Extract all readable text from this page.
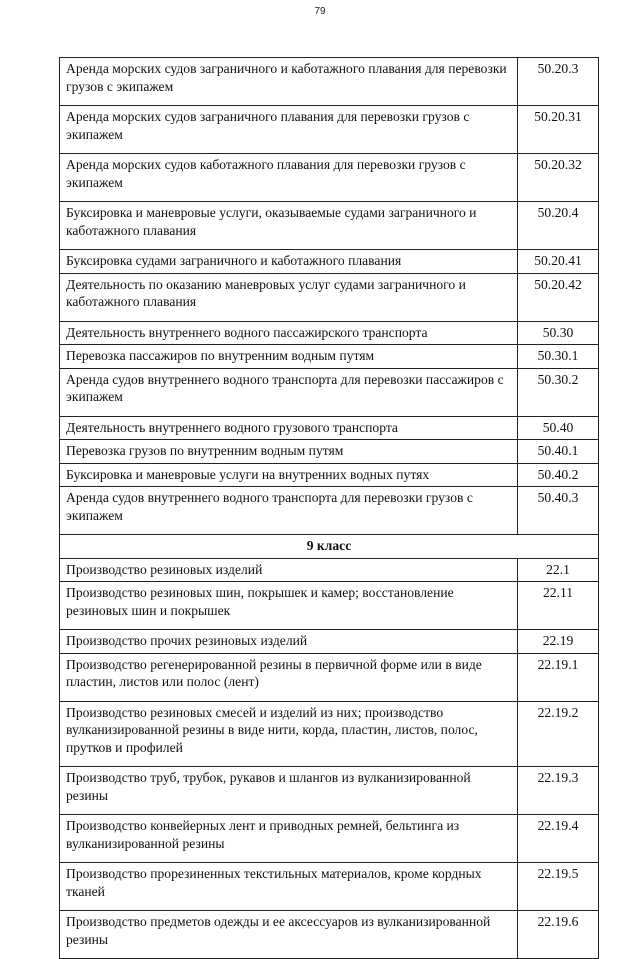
79
Аренда морских судов заграничного и каботажного плавания для перевозки грузов с экипажем	50.20.3
Аренда морских судов заграничного плавания для перевозки грузов с экипажем	50.20.31
Аренда морских судов каботажного плавания для перевозки грузов с экипажем	50.20.32
Буксировка и маневровые услуги, оказываемые судами заграничного и каботажного плавания	50.20.4
Буксировка судами заграничного и каботажного плавания	50.20.41
Деятельность по оказанию маневровых услуг судами заграничного и каботажного плавания	50.20.42
Деятельность внутреннего водного пассажирского транспорта	50.30
Перевозка пассажиров по внутренним водным путям	50.30.1
Аренда судов внутреннего водного транспорта для перевозки пассажиров с экипажем	50.30.2
Деятельность внутреннего водного грузового транспорта	50.40
Перевозка грузов по внутренним водным путям	50.40.1
Буксировка и маневровые услуги на внутренних водных путях	50.40.2
Аренда судов внутреннего водного транспорта для перевозки грузов с экипажем	50.40.3
9 класс	
Производство резиновых изделий	22.1
Производство резиновых шин, покрышек и камер; восстановление резиновых шин и покрышек	22.11
Производство прочих резиновых изделий	22.19
Производство регенерированной резины в первичной форме или в виде пластин, листов или полос (лент)	22.19.1
Производство резиновых смесей и изделий из них; производство вулканизированной резины в виде нити, корда, пластин, листов, полос, прутков и профилей	22.19.2
Производство труб, трубок, рукавов и шлангов из вулканизированной резины	22.19.3
Производство конвейерных лент и приводных ремней, бельтинга из вулканизированной резины	22.19.4
Производство прорезиненных текстильных материалов, кроме кордных тканей	22.19.5
Производство предметов одежды и ее аксессуаров из вулканизированной резины	22.19.6
